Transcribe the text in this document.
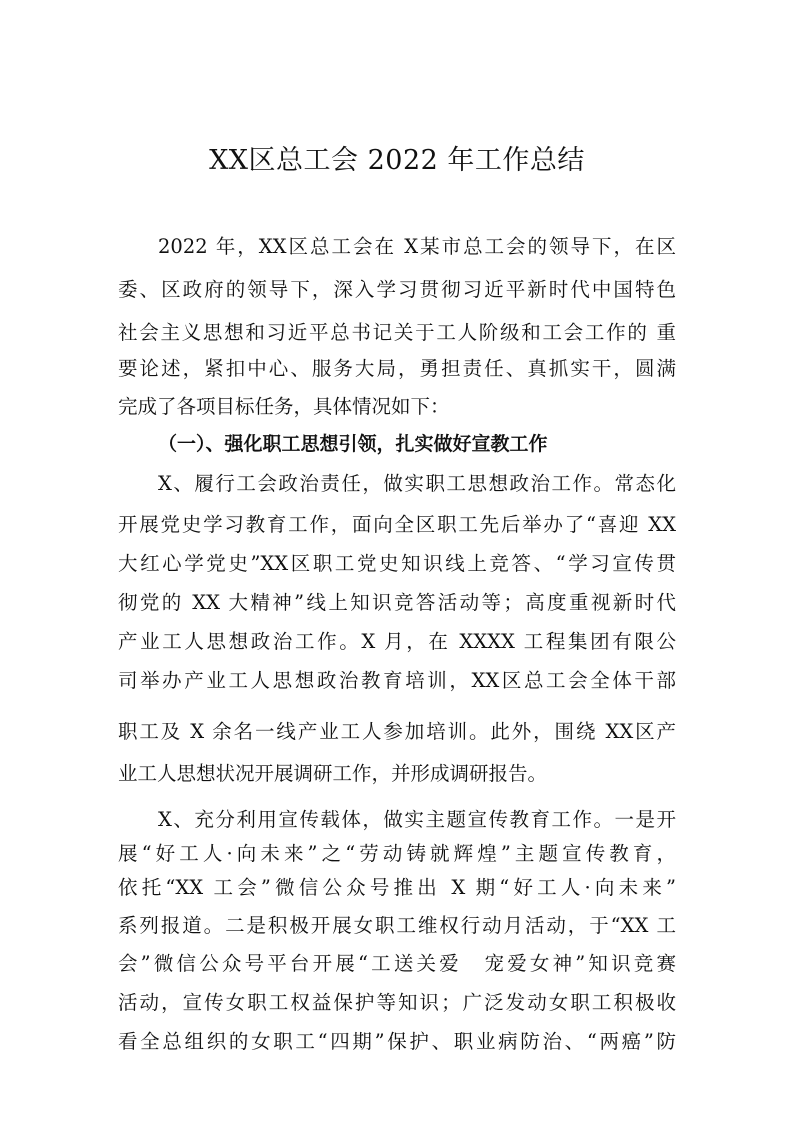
XX区总工会 2022 年工作总结
2022 年，XX区总工会在 X某市总工会的领导下，在区
委、区政府的领导下，深入学习贯彻习近平新时代中国特色
社会主义思想和习近平总书记关于工人阶级和工会工作的 重
要论述，紧扣中心、服务大局，勇担责任、真抓实干，圆满
完成了各项目标任务，具体情况如下：
（一）、强化职工思想引领，扎实做好宣教工作
X、履行工会政治责任，做实职工思想政治工作。常态化
开展党史学习教育工作，面向全区职工先后举办了“喜迎 XX
大红心学党史”XX区职工党史知识线上竞答、“学习宣传贯
彻党的 XX 大精神”线上知识竞答活动等；高度重视新时代
产业工人思想政治工作。X 月，在 XXXX 工程集团有限公
司举办产业工人思想政治教育培训，XX区总工会全体干部
职工及 X 余名一线产业工人参加培训。此外，围绕 XX区产
业工人思想状况开展调研工作，并形成调研报告。
X、充分利用宣传载体，做实主题宣传教育工作。一是开
展“好工人·向未来”之“劳动铸就辉煌”主题宣传教育，
依托“XX 工会”微信公众号推出 X 期“好工人·向未来”
系列报道。二是积极开展女职工维权行动月活动，于“XX 工
会”微信公众号平台开展“工送关爱　宠爱女神”知识竞赛
活动，宣传女职工权益保护等知识；广泛发动女职工积极收
看全总组织的女职工“四期”保护、职业病防治、“两癌”防
